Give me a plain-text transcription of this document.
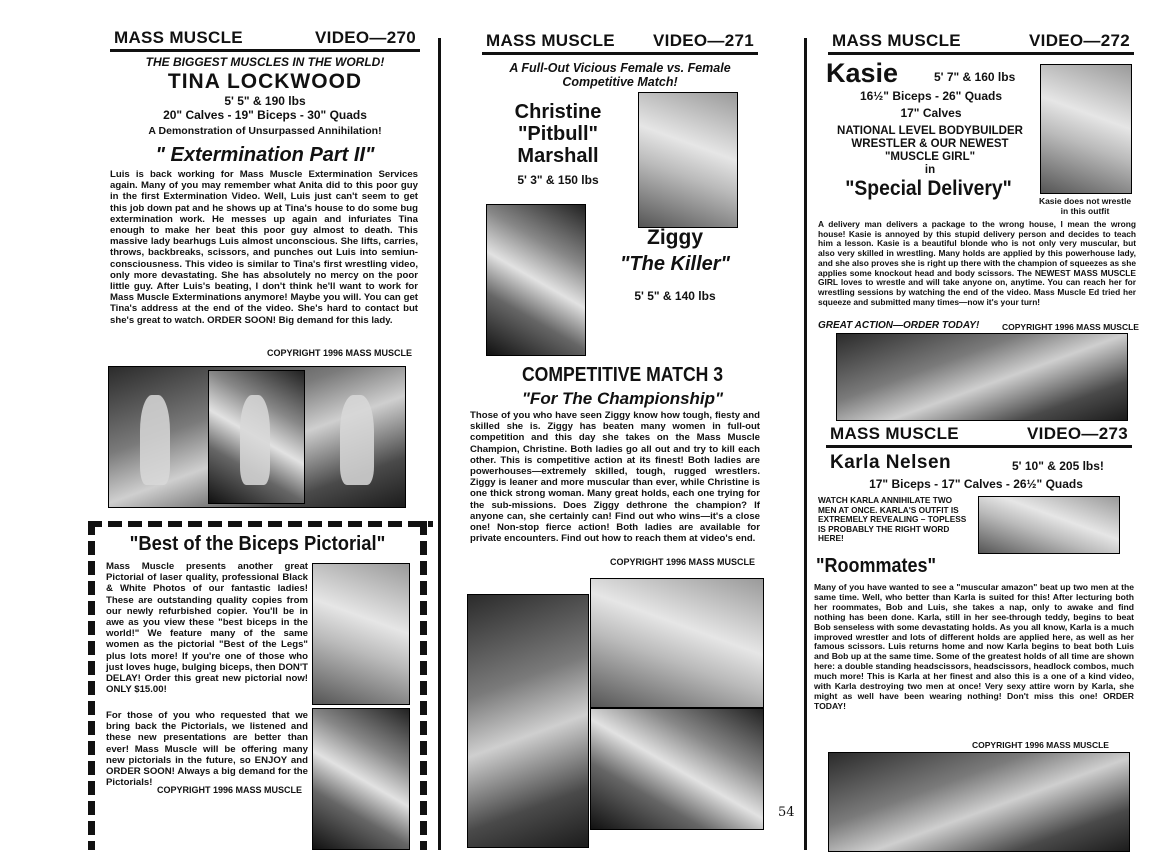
MASS MUSCLE	VIDEO—270
THE BIGGEST MUSCLES IN THE WORLD!
TINA LOCKWOOD
5' 5" & 190 lbs
20" Calves - 19" Biceps - 30" Quads
A Demonstration of Unsurpassed Annihilation!
" Extermination Part II"
Luis is back working for Mass Muscle Extermination Services again. Many of you may remember what Anita did to this poor guy in the first Extermination Video. Well, Luis just can't seem to get this job down pat and he shows up at Tina's house to do some bug extermination work. He messes up again and infuriates Tina enough to make her beat this poor guy almost to death. This massive lady bearhugs Luis almost unconscious. She lifts, carries, throws, backbreaks, scissors, and punches out Luis into semiun-consciousness. This video is similar to Tina's first wrestling video, only more devastating. She has absolutely no mercy on the poor little guy. After Luis's beating, I don't think he'll want to work for Mass Muscle Exterminations anymore! Maybe you will. You can get Tina's address at the end of the video. She's hard to contact but she's great to watch. ORDER SOON! Big demand for this lady.
COPYRIGHT 1996 MASS MUSCLE
"Best of the Biceps Pictorial"
Mass Muscle presents another great Pictorial of laser quality, professional Black & White Photos of our fantastic ladies! These are outstanding quality copies from our newly refurbished copier. You'll be in awe as you view these "best biceps in the world!" We feature many of the same women as the pictorial "Best of the Legs" plus lots more! If you're one of those who just loves huge, bulging biceps, then DON'T DELAY! Order this great new pictorial now! ONLY $15.00!
For those of you who requested that we bring back the Pictorials, we listened and these new presentations are better than ever! Mass Muscle will be offering many new pictorials in the future, so ENJOY and ORDER SOON! Always a big demand for the Pictorials!
COPYRIGHT 1996 MASS MUSCLE
MASS MUSCLE VIDEO—271
A Full-Out Vicious Female vs. Female
Competitive Match!
Christine
"Pitbull"
Marshall
5' 3" & 150 lbs
Ziggy
"The Killer"
5' 5" & 140 lbs
COMPETITIVE MATCH 3
"For The Championship"
Those of you who have seen Ziggy know how tough, fiesty and skilled she is. Ziggy has beaten many women in full-out competition and this day she takes on the Mass Muscle Champion, Christine. Both ladies go all out and try to kill each other. This is competitive action at its finest! Both ladies are powerhouses—extremely skilled, tough, rugged wrestlers. Ziggy is leaner and more muscular than ever, while Christine is one thick strong woman. Many great holds, each one trying for the sub-missions. Does Ziggy dethrone the champion? If anyone can, she certainly can! Find out who wins—it's a close one! Non-stop fierce action! Both ladies are available for private encounters. Find out how to reach them at video's end.
COPYRIGHT 1996 MASS MUSCLE
54
MASS MUSCLE	VIDEO—272
Kasie	5' 7" & 160 lbs
16½" Biceps - 26" Quads
17" Calves
NATIONAL LEVEL BODYBUILDER
WRESTLER & OUR NEWEST
"MUSCLE GIRL"
in
"Special Delivery"
Kasie does not wrestle
in this outfit
A delivery man delivers a package to the wrong house, I mean the wrong house! Kasie is annoyed by this stupid delivery person and decides to teach him a lesson. Kasie is a beautiful blonde who is not only very muscular, but also very skilled in wrestling. Many holds are applied by this powerhouse lady, and she also proves she is right up there with the champion of squeezes as she applies some knockout head and body scissors. The NEWEST MASS MUSCLE GIRL loves to wrestle and will take anyone on, anytime. You can reach her for wrestling sessions by watching the end of the video. Mass Muscle Ed tried her squeeze and submitted many times—now it's your turn!
GREAT ACTION—ORDER TODAY!	COPYRIGHT 1996 MASS MUSCLE
MASS MUSCLE	VIDEO—273
Karla Nelsen	5' 10" & 205 lbs!
17" Biceps - 17" Calves - 26½" Quads
WATCH KARLA ANNIHILATE TWO MEN AT ONCE. KARLA'S OUTFIT IS EXTREMELY REVEALING – TOPLESS IS PROBABLY THE RIGHT WORD HERE!
"Roommates"
Many of you have wanted to see a "muscular amazon" beat up two men at the same time. Well, who better than Karla is suited for this! After lecturing both her roommates, Bob and Luis, she takes a nap, only to awake and find nothing has been done. Karla, still in her see-through teddy, begins to beat Bob senseless with some devastating holds. As you all know, Karla is a much improved wrestler and lots of different holds are applied here, as well as her famous scissors. Luis returns home and now Karla begins to beat both Luis and Bob up at the same time. Some of the greatest holds of all time are shown here: a double standing headscissors, headscissors, headlock combos, much much more! This is Karla at her finest and also this is a one of a kind video, with Karla destroying two men at once! Very sexy attire worn by Karla, she might as well have been wearing nothing! Don't miss this one! ORDER TODAY!
COPYRIGHT 1996 MASS MUSCLE
